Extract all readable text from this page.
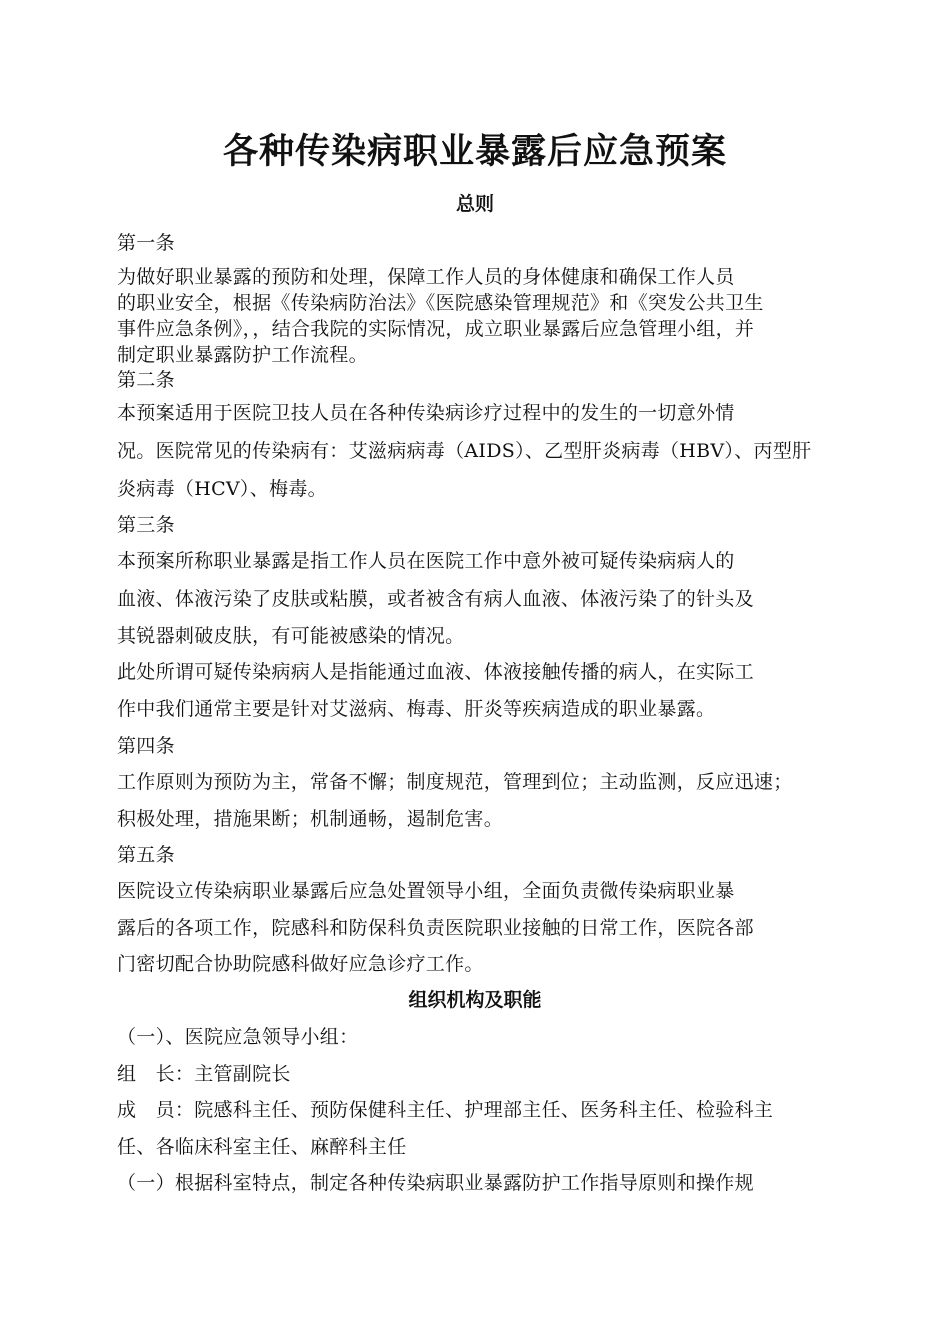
各种传染病职业暴露后应急预案
总则
第一条
为做好职业暴露的预防和处理，保障工作人员的身体健康和确保工作人员
的职业安全，根据《传染病防治法》《医院感染管理规范》和《突发公共卫生
事件应急条例》，，结合我院的实际情况，成立职业暴露后应急管理小组，并
制定职业暴露防护工作流程。
第二条
本预案适用于医院卫技人员在各种传染病诊疗过程中的发生的一切意外情
况。医院常见的传染病有：艾滋病病毒（AIDS）、乙型肝炎病毒（HBV）、丙型肝
炎病毒（HCV）、梅毒。
第三条
本预案所称职业暴露是指工作人员在医院工作中意外被可疑传染病病人的
血液、体液污染了皮肤或粘膜，或者被含有病人血液、体液污染了的针头及
其锐器刺破皮肤，有可能被感染的情况。
此处所谓可疑传染病病人是指能通过血液、体液接触传播的病人，在实际工
作中我们通常主要是针对艾滋病、梅毒、肝炎等疾病造成的职业暴露。
第四条
工作原则为预防为主，常备不懈；制度规范，管理到位；主动监测，反应迅速；
积极处理，措施果断；机制通畅，遏制危害。
第五条
医院设立传染病职业暴露后应急处置领导小组，全面负责微传染病职业暴
露后的各项工作，院感科和防保科负责医院职业接触的日常工作，医院各部
门密切配合协助院感科做好应急诊疗工作。
组织机构及职能
（一）、医院应急领导小组：
组　长：主管副院长
成　员：院感科主任、预防保健科主任、护理部主任、医务科主任、检验科主
任、各临床科室主任、麻醉科主任
（一）根据科室特点，制定各种传染病职业暴露防护工作指导原则和操作规
